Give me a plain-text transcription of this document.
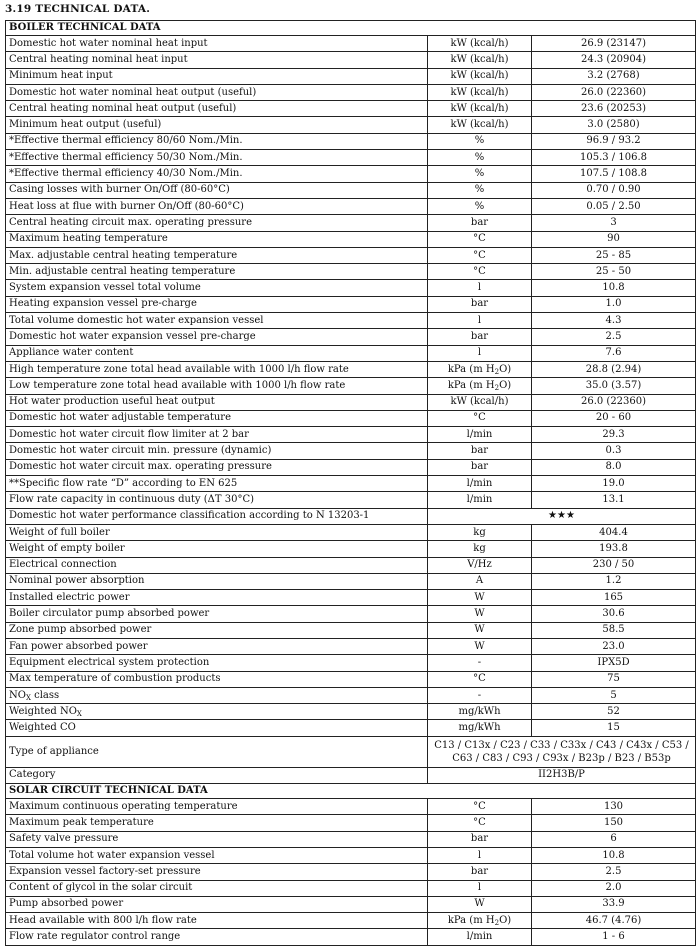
3.19 TECHNICAL DATA.
BOILER TECHNICAL DATA		
Domestic hot water nominal heat input	kW (kcal/h)	26.9 (23147)
Central heating nominal heat input	kW (kcal/h)	24.3 (20904)
Minimum heat input	kW (kcal/h)	3.2 (2768)
Domestic hot water nominal heat output (useful)	kW (kcal/h)	26.0 (22360)
Central heating nominal heat output (useful)	kW (kcal/h)	23.6 (20253)
Minimum heat output (useful)	kW (kcal/h)	3.0 (2580)
*Effective thermal efficiency 80/60 Nom./Min.	%	96.9 / 93.2
*Effective thermal efficiency 50/30 Nom./Min.	%	105.3 / 106.8
*Effective thermal efficiency 40/30 Nom./Min.	%	107.5 / 108.8
Casing losses with burner On/Off (80-60°C)	%	0.70 / 0.90
Heat loss at flue with burner On/Off (80-60°C)	%	0.05 / 2.50
Central heating circuit max. operating pressure	bar	3
Maximum heating temperature	°C	90
Max. adjustable central heating temperature	°C	25 - 85
Min. adjustable central heating temperature	°C	25 - 50
System expansion vessel total volume	l	10.8
Heating expansion vessel pre-charge	bar	1.0
Total volume domestic hot water expansion vessel	l	4.3
Domestic hot water expansion vessel pre-charge	bar	2.5
Appliance water content	l	7.6
High temperature zone total head available with 1000 l/h flow rate	kPa (m $H_2O$)	28.8 (2.94)
Low temperature zone total head available with 1000 l/h flow rate	kPa (m $H_2O$)	35.0 (3.57)
Hot water production useful heat output	kW (kcal/h)	26.0 (22360)
Domestic hot water adjustable temperature	°C	20 - 60
Domestic hot water circuit flow limiter at 2 bar	l/min	29.3
Domestic hot water circuit min. pressure (dynamic)	bar	0.3
Domestic hot water circuit max. operating pressure	bar	8.0
**Specific flow rate “D” according to EN 625	l/min	19.0
Flow rate capacity in continuous duty (ΔT 30°C)	l/min	13.1
Domestic hot water performance classification according to N 13203-1	★★★	
Weight of full boiler	kg	404.4
Weight of empty boiler	kg	193.8
Electrical connection	V/Hz	230 / 50
Nominal power absorption	A	1.2
Installed electric power	W	165
Boiler circulator pump absorbed power	W	30.6
Zone pump absorbed power	W	58.5
Fan power absorbed power	W	23.0
Equipment electrical system protection	-	IPX5D
Max temperature of combustion products	°C	75
$NO_X$ class	-	5
Weighted $NO_X$	mg/kWh	52
Weighted CO	mg/kWh	15
Type of appliance	C13 / C13x / C23 / C33 / C33x / C43 / C43x / C53 / C63 / C83 / C93 / C93x / B23p / B23 / B53p	
Category	II2H3B/P	
SOLAR CIRCUIT TECHNICAL DATA		
Maximum continuous operating temperature	°C	130
Maximum peak temperature	°C	150
Safety valve pressure	bar	6
Total volume hot water expansion vessel	l	10.8
Expansion vessel factory-set pressure	bar	2.5
Content of glycol in the solar circuit	l	2.0
Pump absorbed power	W	33.9
Head available with 800 l/h flow rate	kPa (m $H_2O$)	46.7 (4.76)
Flow rate regulator control range	l/min	1 - 6
